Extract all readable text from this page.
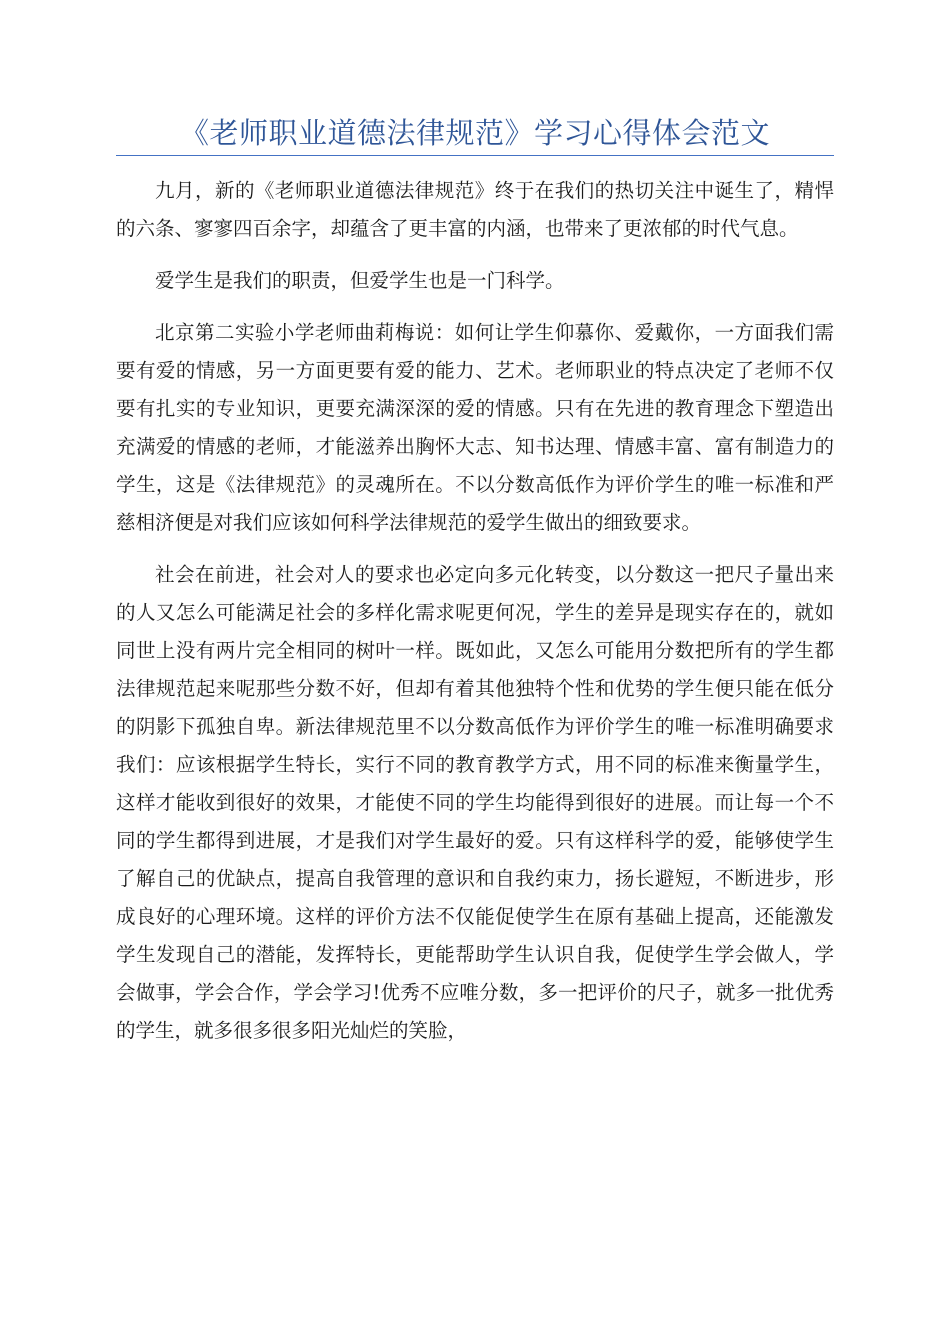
《老师职业道德法律规范》学习心得体会范文

九月，新的《老师职业道德法律规范》终于在我们的热切关注中诞生了，精悍的六条、寥寥四百余字，却蕴含了更丰富的内涵，也带来了更浓郁的时代气息。

爱学生是我们的职责，但爱学生也是一门科学。

北京第二实验小学老师曲莉梅说：如何让学生仰慕你、爱戴你，一方面我们需要有爱的情感，另一方面更要有爱的能力、艺术。老师职业的特点决定了老师不仅要有扎实的专业知识，更要充满深深的爱的情感。只有在先进的教育理念下塑造出充满爱的情感的老师，才能滋养出胸怀大志、知书达理、情感丰富、富有制造力的学生，这是《法律规范》的灵魂所在。不以分数高低作为评价学生的唯一标准和严慈相济便是对我们应该如何科学法律规范的爱学生做出的细致要求。

社会在前进，社会对人的要求也必定向多元化转变，以分数这一把尺子量出来的人又怎么可能满足社会的多样化需求呢更何况，学生的差异是现实存在的，就如同世上没有两片完全相同的树叶一样。既如此，又怎么可能用分数把所有的学生都法律规范起来呢那些分数不好，但却有着其他独特个性和优势的学生便只能在低分的阴影下孤独自卑。新法律规范里不以分数高低作为评价学生的唯一标准明确要求我们：应该根据学生特长，实行不同的教育教学方式，用不同的标准来衡量学生，这样才能收到很好的效果，才能使不同的学生均能得到很好的进展。而让每一个不同的学生都得到进展，才是我们对学生最好的爱。只有这样科学的爱，能够使学生了解自己的优缺点，提高自我管理的意识和自我约束力，扬长避短，不断进步，形成良好的心理环境。这样的评价方法不仅能促使学生在原有基础上提高，还能激发学生发现自己的潜能，发挥特长，更能帮助学生认识自我，促使学生学会做人，学会做事，学会合作，学会学习!优秀不应唯分数，多一把评价的尺子，就多一批优秀的学生，就多很多很多阳光灿烂的笑脸，
